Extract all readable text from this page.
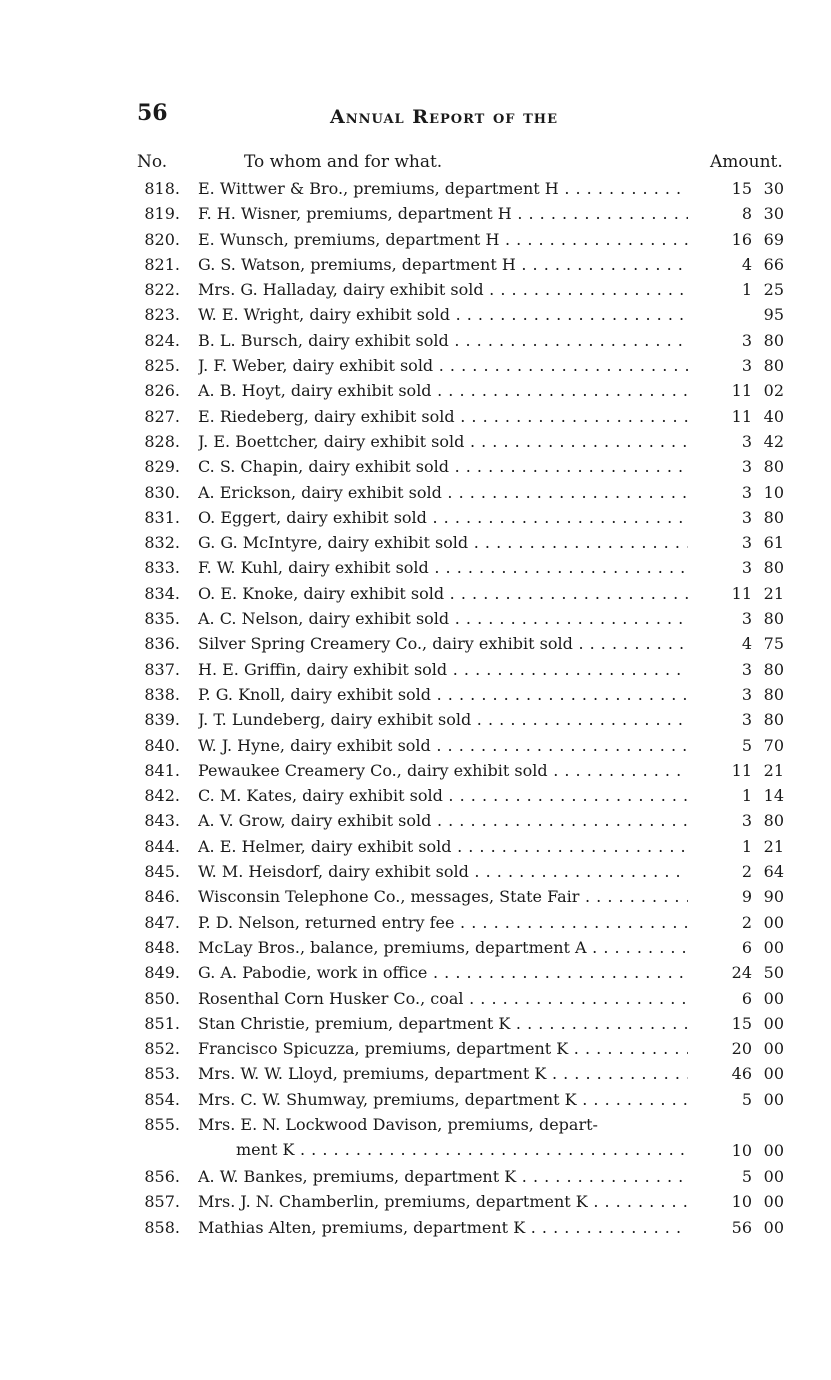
56	Annual Report of the
No.	To whom and for what.	Amount.
818. E. Wittwer & Bro., premiums, department H . . .	15 30
819. F. H. Wisner, premiums, department H . . .	8 30
820. E. Wunsch, premiums, department H . . .	16 69
821. G. S. Watson, premiums, department H . . .	4 66
822. Mrs. G. Halladay, dairy exhibit sold . . .	1 25
823. W. E. Wright, dairy exhibit sold . . .	95
824. B. L. Bursch, dairy exhibit sold . . .	3 80
825. J. F. Weber, dairy exhibit sold . . .	3 80
826. A. B. Hoyt, dairy exhibit sold . . .	11 02
827. E. Riedeberg, dairy exhibit sold . . .	11 40
828. J. E. Boettcher, dairy exhibit sold . . .	3 42
829. C. S. Chapin, dairy exhibit sold . . .	3 80
830. A. Erickson, dairy exhibit sold . . .	3 10
831. O. Eggert, dairy exhibit sold . . .	3 80
832. G. G. McIntyre, dairy exhibit sold . . .	3 61
833. F. W. Kuhl, dairy exhibit sold . . .	3 80
834. O. E. Knoke, dairy exhibit sold . . .	11 21
835. A. C. Nelson, dairy exhibit sold . . .	3 80
836. Silver Spring Creamery Co., dairy exhibit sold . . .	4 75
837. H. E. Griffin, dairy exhibit sold . . .	3 80
838. P. G. Knoll, dairy exhibit sold . . .	3 80
839. J. T. Lundeberg, dairy exhibit sold . . .	3 80
840. W. J. Hyne, dairy exhibit sold . . .	5 70
841. Pewaukee Creamery Co., dairy exhibit sold . . .	11 21
842. C. M. Kates, dairy exhibit sold . . .	1 14
843. A. V. Grow, dairy exhibit sold . . .	3 80
844. A. E. Helmer, dairy exhibit sold . . .	1 21
845. W. M. Heisdorf, dairy exhibit sold . . .	2 64
846. Wisconsin Telephone Co., messages, State Fair . . .	9 90
847. P. D. Nelson, returned entry fee . . .	2 00
848. McLay Bros., balance, premiums, department A . . .	6 00
849. G. A. Pabodie, work in office . . .	24 50
850. Rosenthal Corn Husker Co., coal . . .	6 00
851. Stan Christie, premium, department K . . .	15 00
852. Francisco Spicuzza, premiums, department K . . .	20 00
853. Mrs. W. W. Lloyd, premiums, department K . . .	46 00
854. Mrs. C. W. Shumway, premiums, department K . . .	5 00
855. Mrs. E. N. Lockwood Davison, premiums, depart-
ment K . . .	10 00
856. A. W. Bankes, premiums, department K . . .	5 00
857. Mrs. J. N. Chamberlin, premiums, department K . . .	10 00
858. Mathias Alten, premiums, department K . . .	56 00
